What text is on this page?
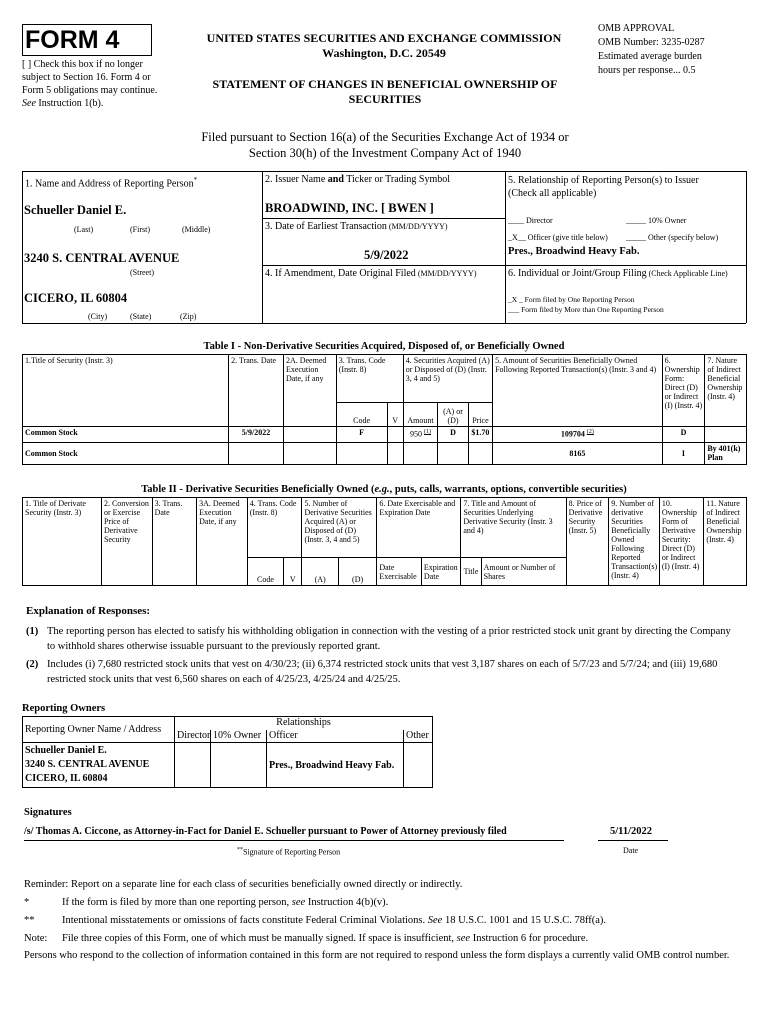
FORM 4
[ ] Check this box if no longer subject to Section 16. Form 4 or Form 5 obligations may continue. See Instruction 1(b).
UNITED STATES SECURITIES AND EXCHANGE COMMISSION
Washington, D.C. 20549
STATEMENT OF CHANGES IN BENEFICIAL OWNERSHIP OF SECURITIES
OMB APPROVAL
OMB Number: 3235-0287
Estimated average burden
hours per response... 0.5
Filed pursuant to Section 16(a) of the Securities Exchange Act of 1934 or
Section 30(h) of the Investment Company Act of 1940
1. Name and Address of Reporting Person*
Schueller Daniel E.
(Last)	(First)	(Middle)
3240 S. CENTRAL AVENUE
(Street)
CICERO, IL 60804
(City)	(State)	(Zip)
2. Issuer Name and Ticker or Trading Symbol
BROADWIND, INC. [ BWEN ]
3. Date of Earliest Transaction (MM/DD/YYYY)
5/9/2022
4. If Amendment, Date Original Filed (MM/DD/YYYY)
5. Relationship of Reporting Person(s) to Issuer
(Check all applicable)
____ Director	_____ 10% Owner
_X__ Officer (give title below) _____ Other (specify below)
Pres., Broadwind Heavy Fab.
6. Individual or Joint/Group Filing (Check Applicable Line)
_X _ Form filed by One Reporting Person
___ Form filed by More than One Reporting Person
Table I - Non-Derivative Securities Acquired, Disposed of, or Beneficially Owned
1.Title of Security (Instr. 3)	2. Trans. Date	2A. Deemed Execution Date, if any	3. Trans. Code (Instr. 8)		4. Securities Acquired (A) or Disposed of (D) (Instr. 3, 4 and 5)			5. Amount of Securities Beneficially Owned Following Reported Transaction(s) (Instr. 3 and 4)	6. Ownership Form: Direct (D) or Indirect (I) (Instr. 4)	7. Nature of Indirect Beneficial Ownership (Instr. 4)
			Code	V	Amount	(A) or (D)	Price			
Common Stock	5/9/2022		F		950 $^{(1)}$	D	$1.70	109704 $^{(2)}$	D	
Common Stock								8165	I	By 401(k) Plan
Table II - Derivative Securities Beneficially Owned (e.g., puts, calls, warrants, options, convertible securities)
1. Title of Derivate Security (Instr. 3)	2. Conversion or Exercise Price of Derivative Security	3. Trans. Date	3A. Deemed Execution Date, if any	4. Trans. Code (Instr. 8)		5. Number of Derivative Securities Acquired (A) or Disposed of (D) (Instr. 3, 4 and 5)		6. Date Exercisable and Expiration Date		7. Title and Amount of Securities Underlying Derivative Security (Instr. 3 and 4)		8. Price of Derivative Security (Instr. 5)	9. Number of derivative Securities Beneficially Owned Following Reported Transaction(s) (Instr. 4)	10. Ownership Form of Derivative Security: Direct (D) or Indirect (I) (Instr. 4)	11. Nature of Indirect Beneficial Ownership (Instr. 4)
				Code	V	(A)	(D)	Date Exercisable	Expiration Date	Title	Amount or Number of Shares				
Explanation of Responses:
(1) The reporting person has elected to satisfy his withholding obligation in connection with the vesting of a prior restricted stock unit grant by directing the Company to withhold shares otherwise issuable pursuant to the previously reported grant.
(2) Includes (i) 7,680 restricted stock units that vest on 4/30/23; (ii) 6,374 restricted stock units that vest 3,187 shares on each of 5/7/23 and 5/7/24; and (iii) 19,680 restricted stock units that vest 6,560 shares on each of 4/25/23, 4/25/24 and 4/25/25.
Reporting Owners
Reporting Owner Name / Address	Relationships			
	Director	10% Owner	Officer	Other

Schueller Daniel E.
3240 S. CENTRAL AVENUE
CICERO, IL 60804			Pres., Broadwind Heavy Fab.	
Signatures
/s/ Thomas A. Ciccone, as Attorney-in-Fact for Daniel E. Schueller pursuant to Power of Attorney previously filed	5/11/2022
**Signature of Reporting Person	Date
Reminder: Report on a separate line for each class of securities beneficially owned directly or indirectly.
*	If the form is filed by more than one reporting person, see Instruction 4(b)(v).
**	Intentional misstatements or omissions of facts constitute Federal Criminal Violations. See 18 U.S.C. 1001 and 15 U.S.C. 78ff(a).
Note: File three copies of this Form, one of which must be manually signed. If space is insufficient, see Instruction 6 for procedure.
Persons who respond to the collection of information contained in this form are not required to respond unless the form displays a currently valid OMB control number.
